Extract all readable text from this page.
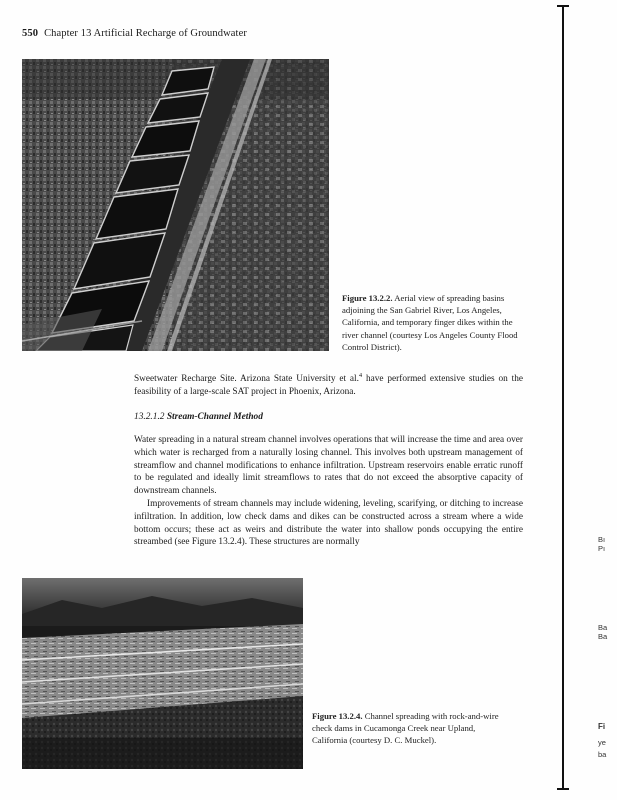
550 Chapter 13 Artificial Recharge of Groundwater
Figure 13.2.2. Aerial view of spreading basins adjoining the San Gabriel River, Los Angeles, California, and temporary finger dikes within the river channel (courtesy Los Angeles County Flood Control District).

Sweetwater Recharge Site. Arizona State University et al.$^4$ have performed extensive studies on the feasibility of a large-scale SAT project in Phoenix, Arizona.

13.2.1.2 Stream-Channel Method

Water spreading in a natural stream channel involves operations that will increase the time and area over which water is recharged from a naturally losing channel. This involves both upstream management of streamflow and channel modifications to enhance infiltration. Upstream reservoirs enable erratic runoff to be regulated and ideally limit streamflows to rates that do not exceed the absorptive capacity of downstream channels.

Improvements of stream channels may include widening, leveling, scarifying, or ditching to increase infiltration. In addition, low check dams and dikes can be constructed across a stream where a wide bottom occurs; these act as weirs and distribute the water into shallow ponds occupying the entire streambed (see Figure 13.2.4). These structures are normally

Figure 13.2.4. Channel spreading with rock-and-wire check dams in Cucamonga Creek near Upland, California (courtesy D. C. Muckel).
Bı
Pı
Ba
Ba
Fi
ye
ba
